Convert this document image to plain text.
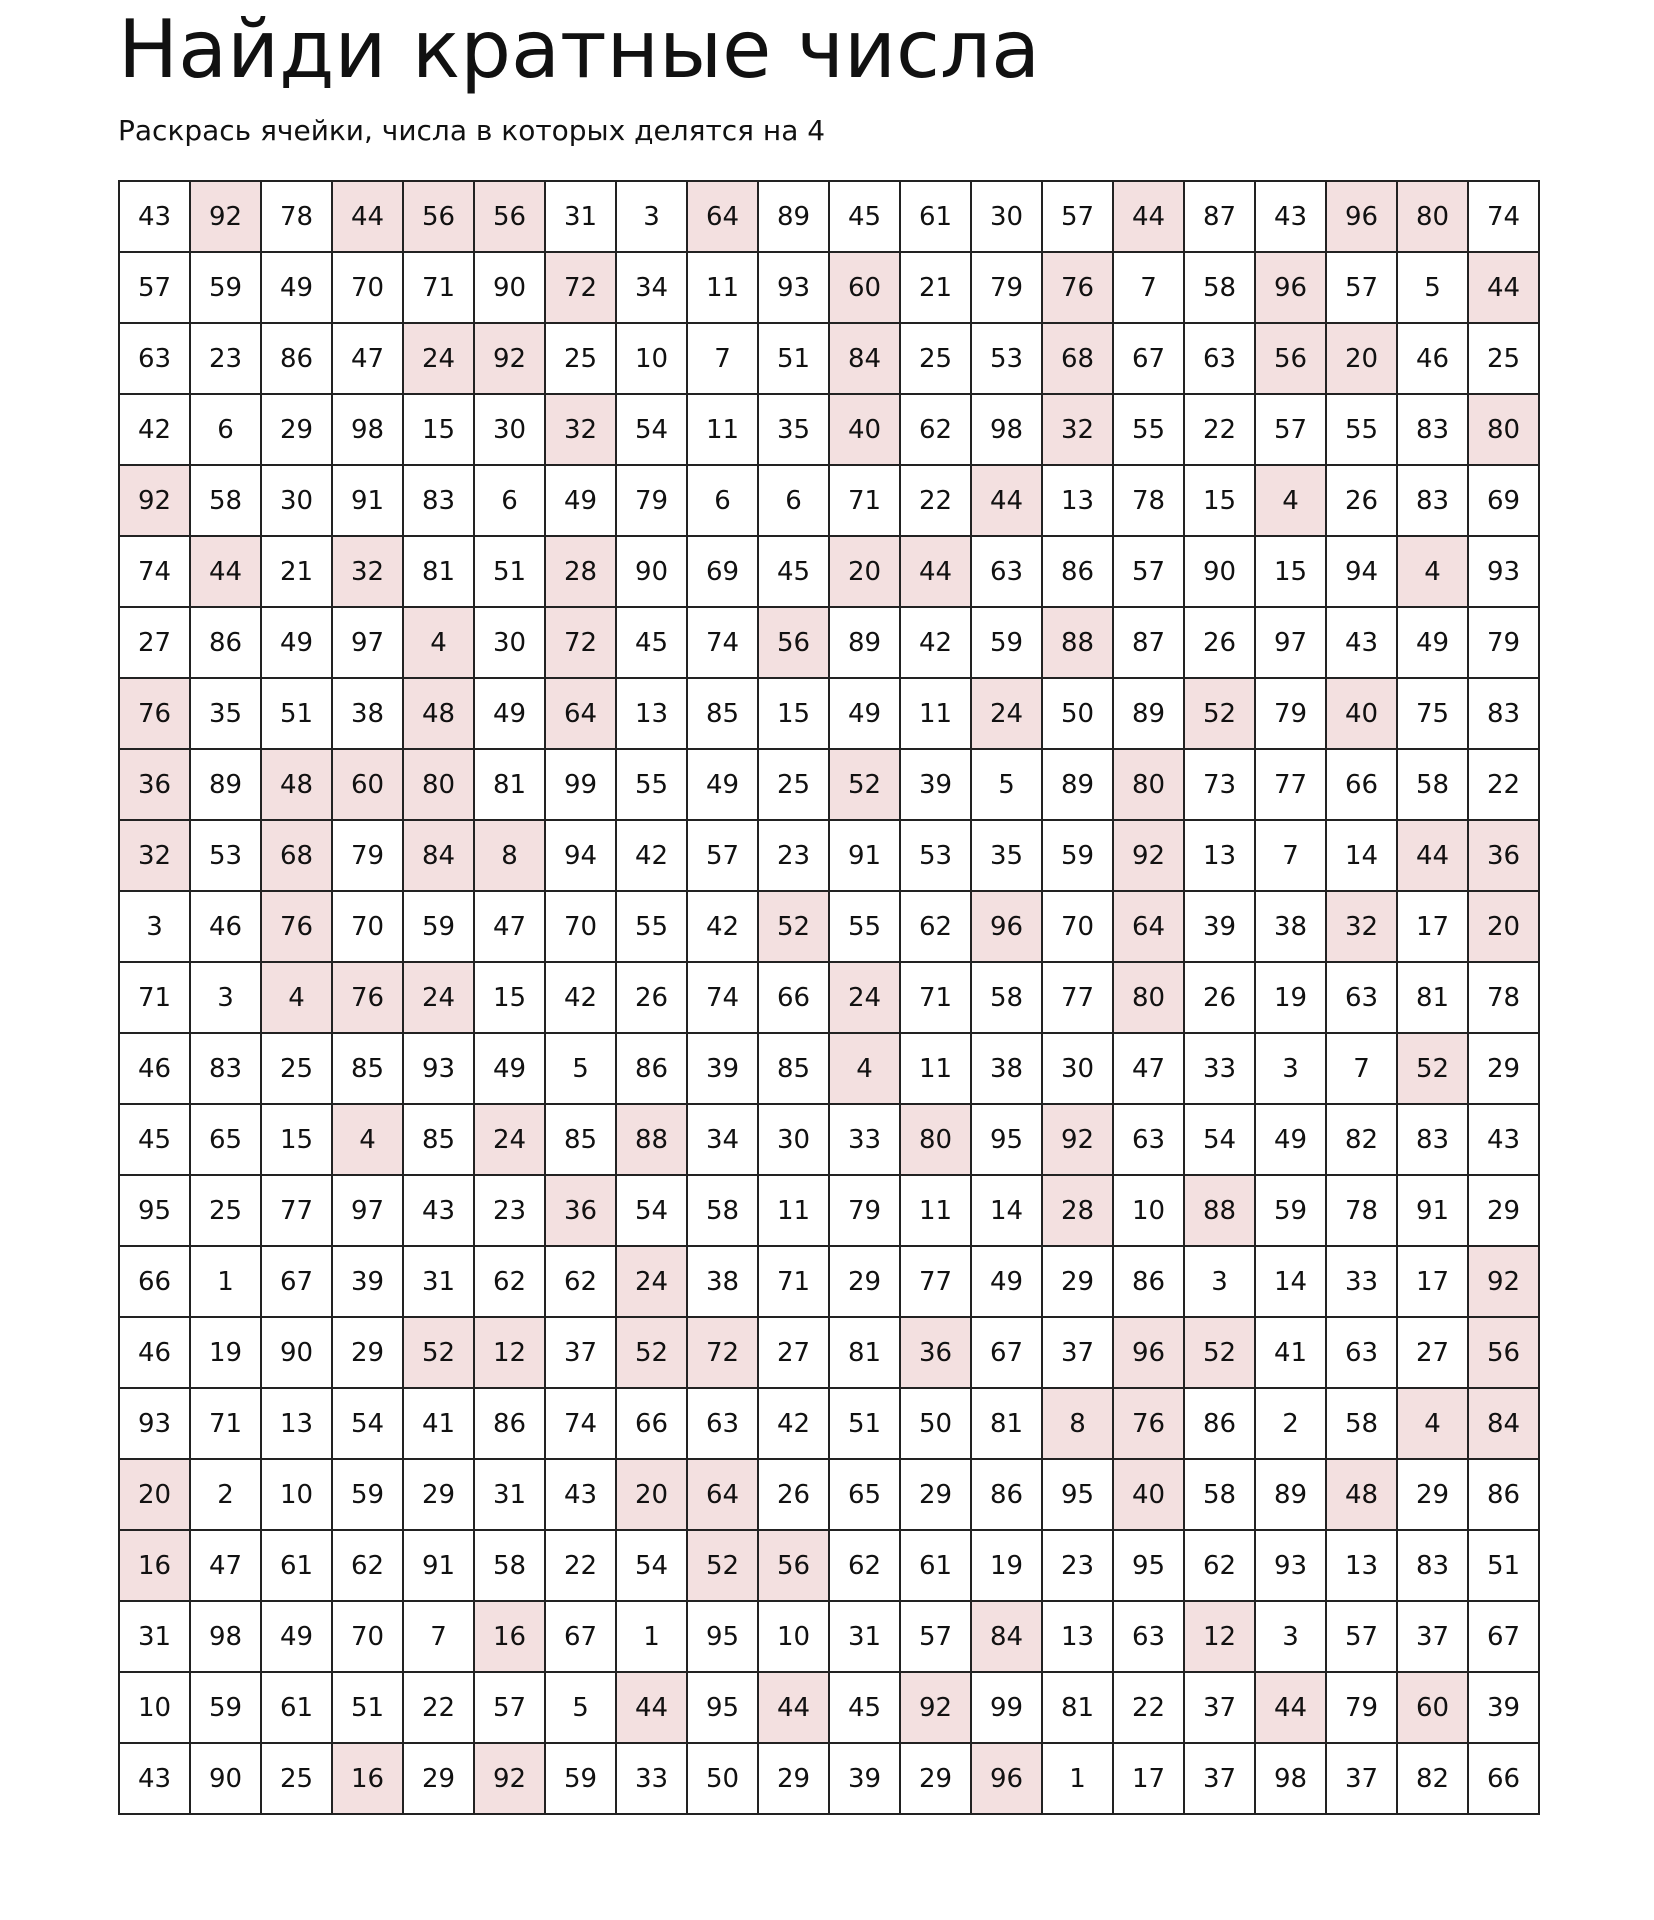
Найди кратные числа

Раскрась ячейки, числа в которых делятся на 4

43	92	78	44	56	56	31	3	64	89	45	61	30	57	44	87	43	96	80	74
57	59	49	70	71	90	72	34	11	93	60	21	79	76	7	58	96	57	5	44
63	23	86	47	24	92	25	10	7	51	84	25	53	68	67	63	56	20	46	25
42	6	29	98	15	30	32	54	11	35	40	62	98	32	55	22	57	55	83	80
92	58	30	91	83	6	49	79	6	6	71	22	44	13	78	15	4	26	83	69
74	44	21	32	81	51	28	90	69	45	20	44	63	86	57	90	15	94	4	93
27	86	49	97	4	30	72	45	74	56	89	42	59	88	87	26	97	43	49	79
76	35	51	38	48	49	64	13	85	15	49	11	24	50	89	52	79	40	75	83
36	89	48	60	80	81	99	55	49	25	52	39	5	89	80	73	77	66	58	22
32	53	68	79	84	8	94	42	57	23	91	53	35	59	92	13	7	14	44	36
3	46	76	70	59	47	70	55	42	52	55	62	96	70	64	39	38	32	17	20
71	3	4	76	24	15	42	26	74	66	24	71	58	77	80	26	19	63	81	78
46	83	25	85	93	49	5	86	39	85	4	11	38	30	47	33	3	7	52	29
45	65	15	4	85	24	85	88	34	30	33	80	95	92	63	54	49	82	83	43
95	25	77	97	43	23	36	54	58	11	79	11	14	28	10	88	59	78	91	29
66	1	67	39	31	62	62	24	38	71	29	77	49	29	86	3	14	33	17	92
46	19	90	29	52	12	37	52	72	27	81	36	67	37	96	52	41	63	27	56
93	71	13	54	41	86	74	66	63	42	51	50	81	8	76	86	2	58	4	84
20	2	10	59	29	31	43	20	64	26	65	29	86	95	40	58	89	48	29	86
16	47	61	62	91	58	22	54	52	56	62	61	19	23	95	62	93	13	83	51
31	98	49	70	7	16	67	1	95	10	31	57	84	13	63	12	3	57	37	67
10	59	61	51	22	57	5	44	95	44	45	92	99	81	22	37	44	79	60	39
43	90	25	16	29	92	59	33	50	29	39	29	96	1	17	37	98	37	82	66
